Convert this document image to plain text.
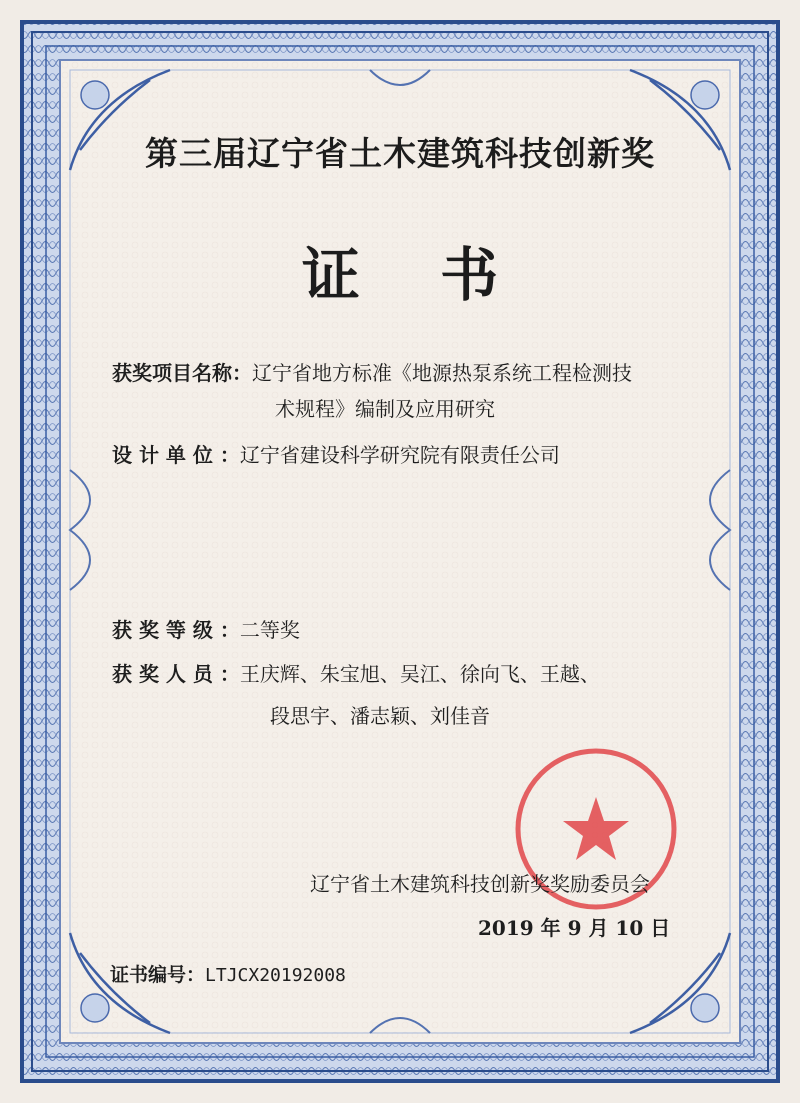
第三届辽宁省土木建筑科技创新奖
证 书
获奖项目名称：辽宁省地方标准《地源热泵系统工程检测技
术规程》编制及应用研究
设 计 单 位 ：辽宁省建设科学研究院有限责任公司
获 奖 等 级 ：二等奖
获 奖 人 员 ：王庆辉、朱宝旭、吴江、徐向飞、王越、
段思宇、潘志颖、刘佳音
辽宁省土木建筑科技创新奖奖励委员会
2019 年 9 月 10 日
证书编号：LTJCX20192008
